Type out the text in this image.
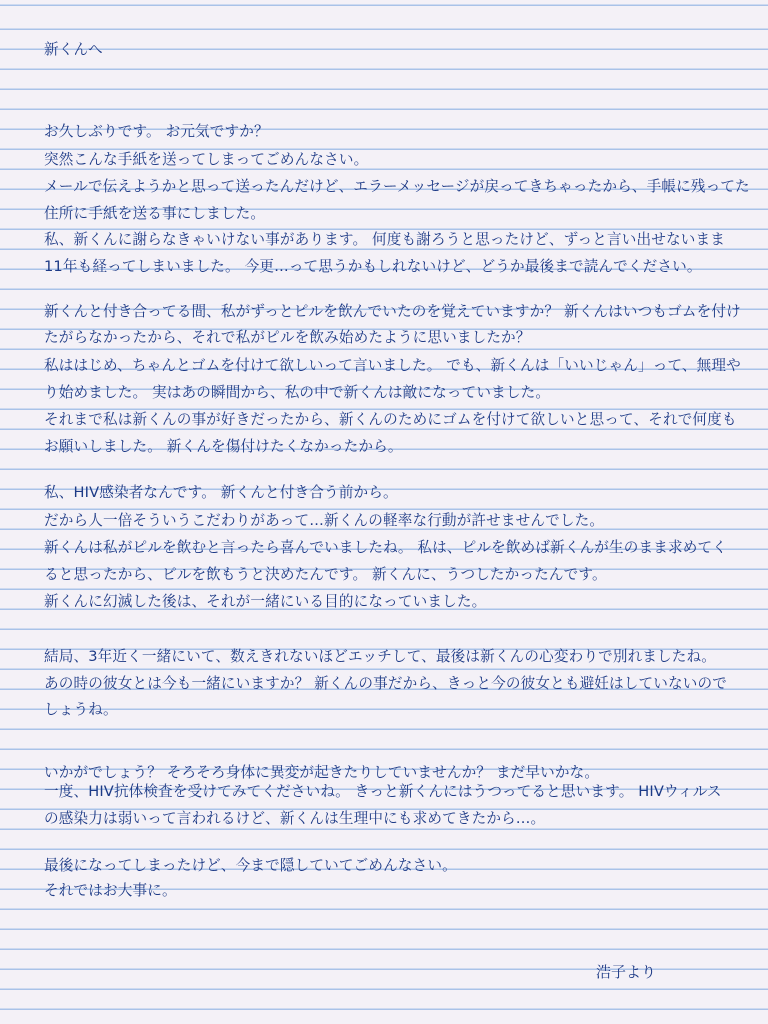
新くんへ
お久しぶりです。 お元気ですか？
突然こんな手紙を送ってしまってごめんなさい。
メールで伝えようかと思って送ったんだけど、エラーメッセージが戻ってきちゃったから、手帳に残ってた
住所に手紙を送る事にしました。
私、新くんに謝らなきゃいけない事があります。 何度も謝ろうと思ったけど、ずっと言い出せないまま
11年も経ってしまいました。 今更…って思うかもしれないけど、どうか最後まで読んでください。
新くんと付き合ってる間、私がずっとピルを飲んでいたのを覚えていますか？ 新くんはいつもゴムを付け
たがらなかったから、それで私がピルを飲み始めたように思いましたか？
私ははじめ、ちゃんとゴムを付けて欲しいって言いました。 でも、新くんは「いいじゃん」って、無理や
り始めました。 実はあの瞬間から、私の中で新くんは敵になっていました。
それまで私は新くんの事が好きだったから、新くんのためにゴムを付けて欲しいと思って、それで何度も
お願いしました。 新くんを傷付けたくなかったから。
私、HIV感染者なんです。 新くんと付き合う前から。
だから人一倍そういうこだわりがあって…新くんの軽率な行動が許せませんでした。
新くんは私がピルを飲むと言ったら喜んでいましたね。 私は、ピルを飲めば新くんが生のまま求めてく
ると思ったから、ピルを飲もうと決めたんです。 新くんに、うつしたかったんです。
新くんに幻滅した後は、それが一緒にいる目的になっていました。
結局、3年近く一緒にいて、数えきれないほどエッチして、最後は新くんの心変わりで別れましたね。
あの時の彼女とは今も一緒にいますか？ 新くんの事だから、きっと今の彼女とも避妊はしていないので
しょうね。
いかがでしょう？ そろそろ身体に異変が起きたりしていませんか？ まだ早いかな。
一度、HIV抗体検査を受けてみてくださいね。 きっと新くんにはうつってると思います。 HIVウィルス
の感染力は弱いって言われるけど、新くんは生理中にも求めてきたから…。
最後になってしまったけど、今まで隠していてごめんなさい。
それではお大事に。
浩子より
